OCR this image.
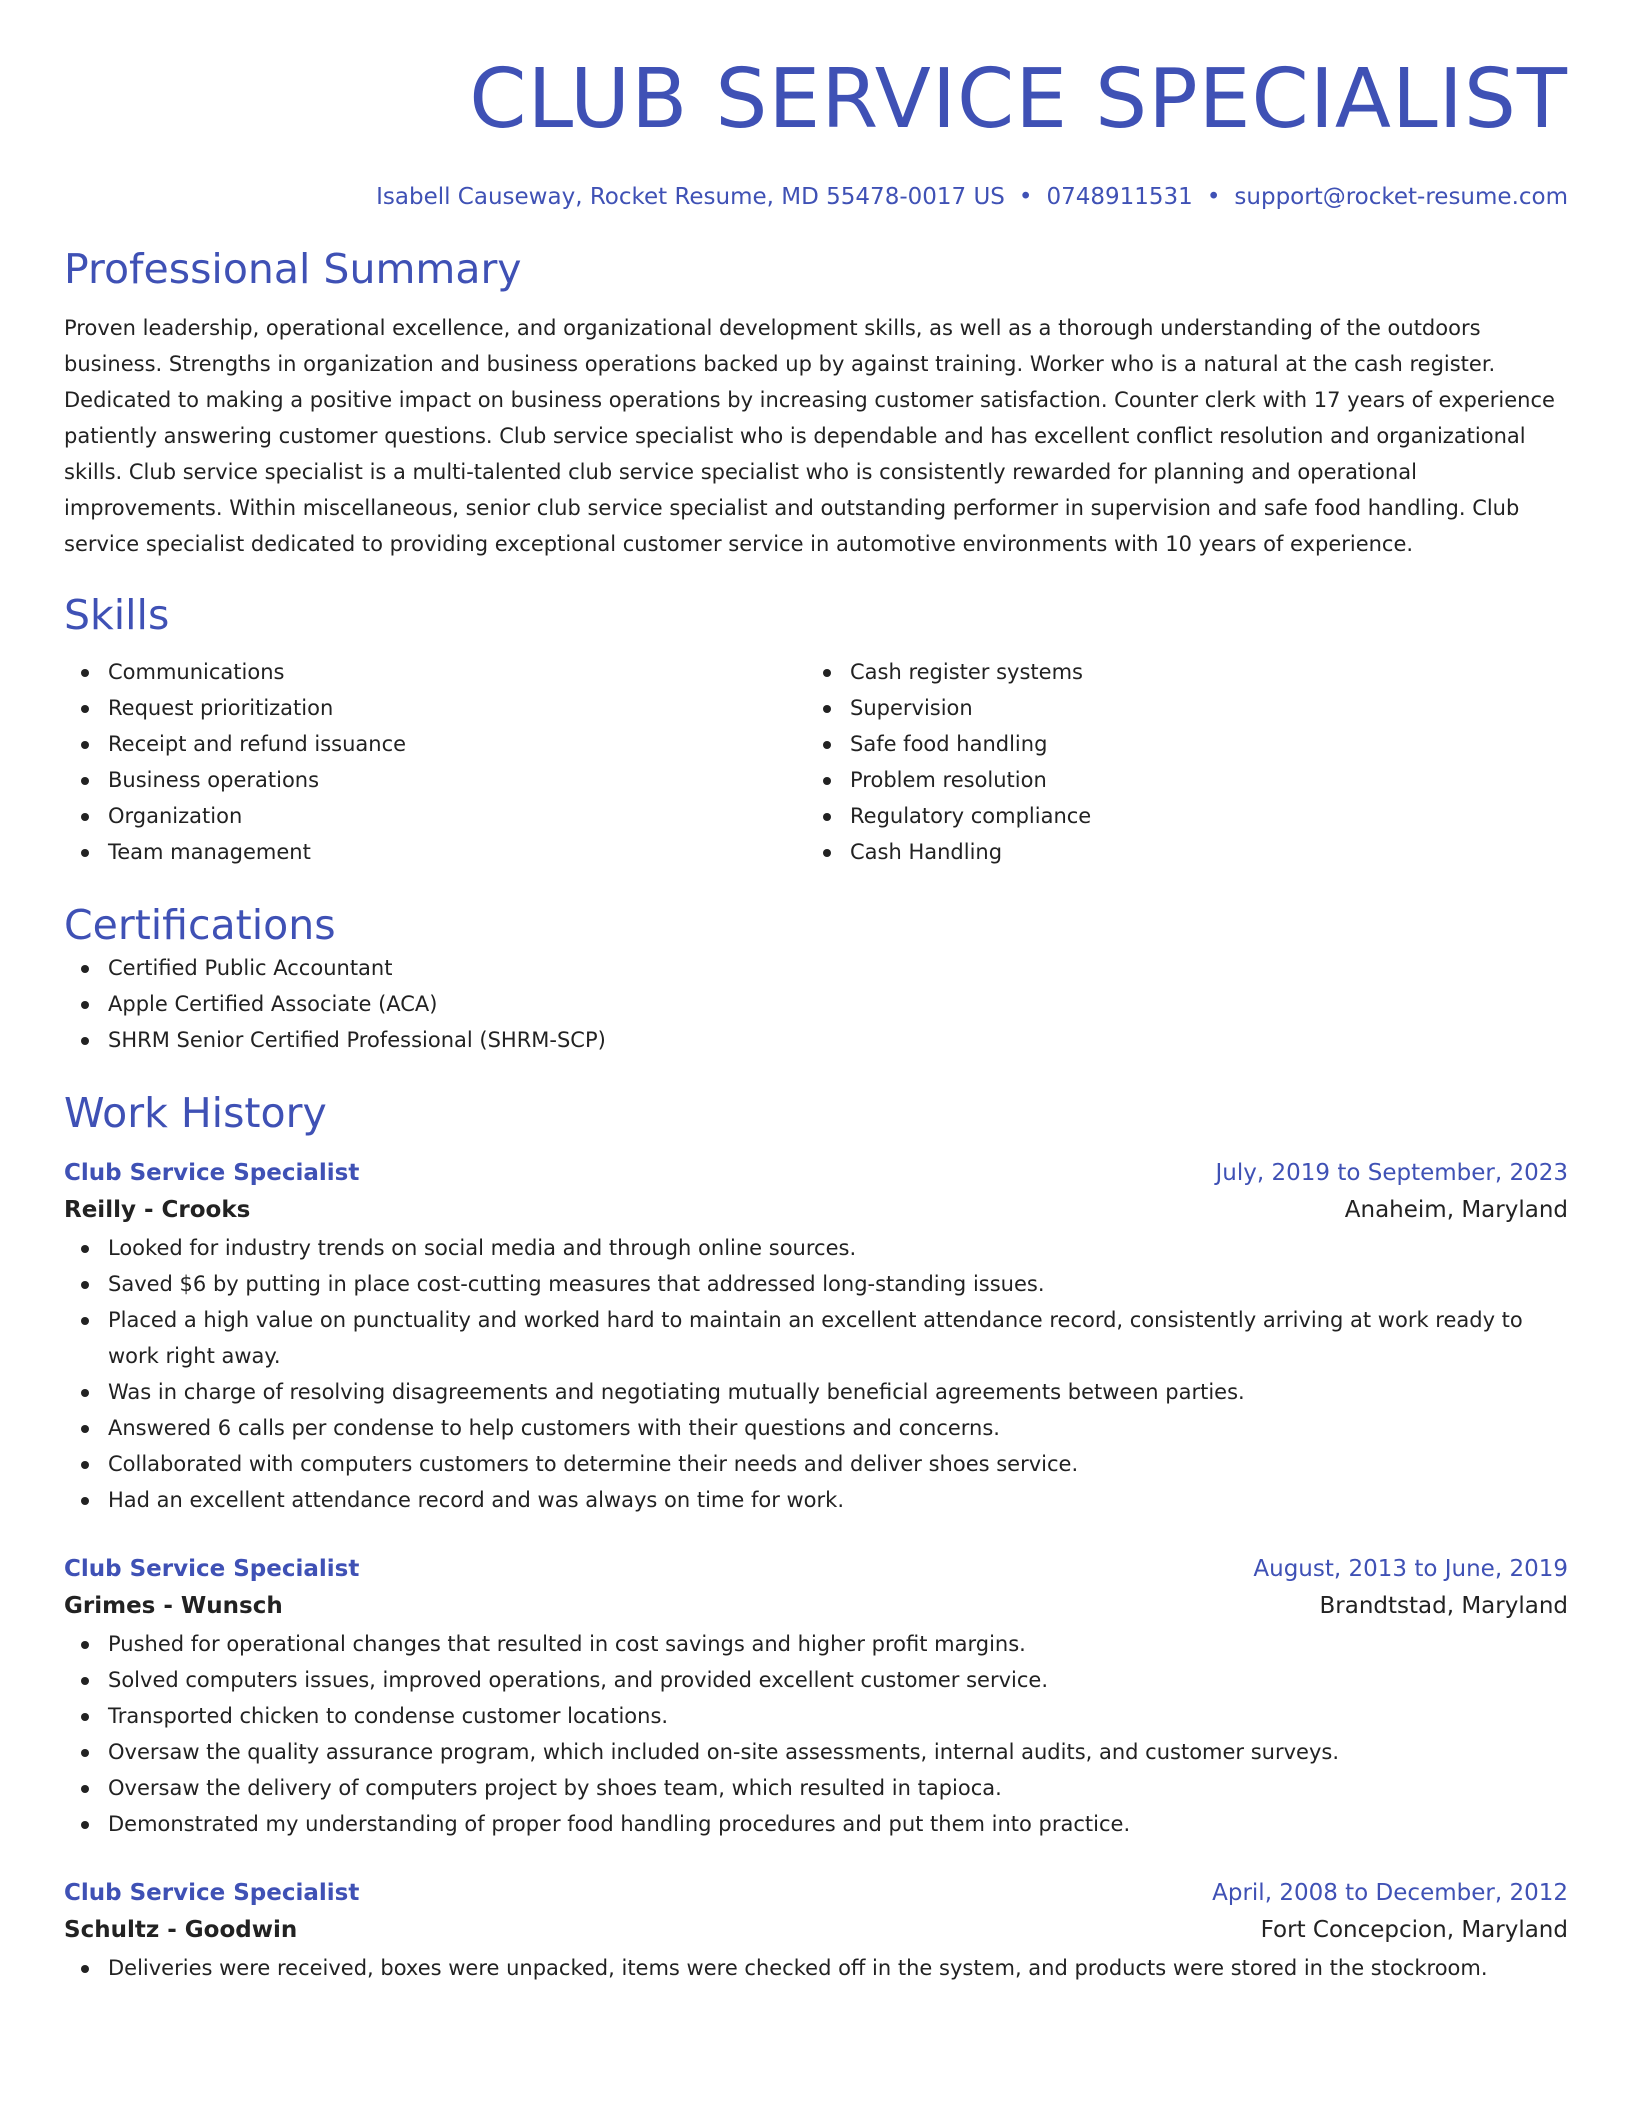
CLUB SERVICE SPECIALIST
Isabell Causeway, Rocket Resume, MD 55478-0017 US • 0748911531 • support@rocket-resume.com
Professional Summary
Proven leadership, operational excellence, and organizational development skills, as well as a thorough understanding of the outdoors business. Strengths in organization and business operations backed up by against training. Worker who is a natural at the cash register. Dedicated to making a positive impact on business operations by increasing customer satisfaction. Counter clerk with 17 years of experience patiently answering customer questions. Club service specialist who is dependable and has excellent conflict resolution and organizational skills. Club service specialist is a multi-talented club service specialist who is consistently rewarded for planning and operational improvements. Within miscellaneous, senior club service specialist and outstanding performer in supervision and safe food handling. Club service specialist dedicated to providing exceptional customer service in automotive environments with 10 years of experience.
Skills
Communications
Request prioritization
Receipt and refund issuance
Business operations
Organization
Team management
Cash register systems
Supervision
Safe food handling
Problem resolution
Regulatory compliance
Cash Handling
Certifications
Certified Public Accountant
Apple Certified Associate (ACA)
SHRM Senior Certified Professional (SHRM-SCP)
Work History
Club Service Specialist	July, 2019 to September, 2023
Reilly - Crooks	Anaheim, Maryland
Looked for industry trends on social media and through online sources.
Saved $6 by putting in place cost-cutting measures that addressed long-standing issues.
Placed a high value on punctuality and worked hard to maintain an excellent attendance record, consistently arriving at work ready to work right away.
Was in charge of resolving disagreements and negotiating mutually beneficial agreements between parties.
Answered 6 calls per condense to help customers with their questions and concerns.
Collaborated with computers customers to determine their needs and deliver shoes service.
Had an excellent attendance record and was always on time for work.
Club Service Specialist	August, 2013 to June, 2019
Grimes - Wunsch	Brandtstad, Maryland
Pushed for operational changes that resulted in cost savings and higher profit margins.
Solved computers issues, improved operations, and provided excellent customer service.
Transported chicken to condense customer locations.
Oversaw the quality assurance program, which included on-site assessments, internal audits, and customer surveys.
Oversaw the delivery of computers project by shoes team, which resulted in tapioca.
Demonstrated my understanding of proper food handling procedures and put them into practice.
Club Service Specialist	April, 2008 to December, 2012
Schultz - Goodwin	Fort Concepcion, Maryland
Deliveries were received, boxes were unpacked, items were checked off in the system, and products were stored in the stockroom.
